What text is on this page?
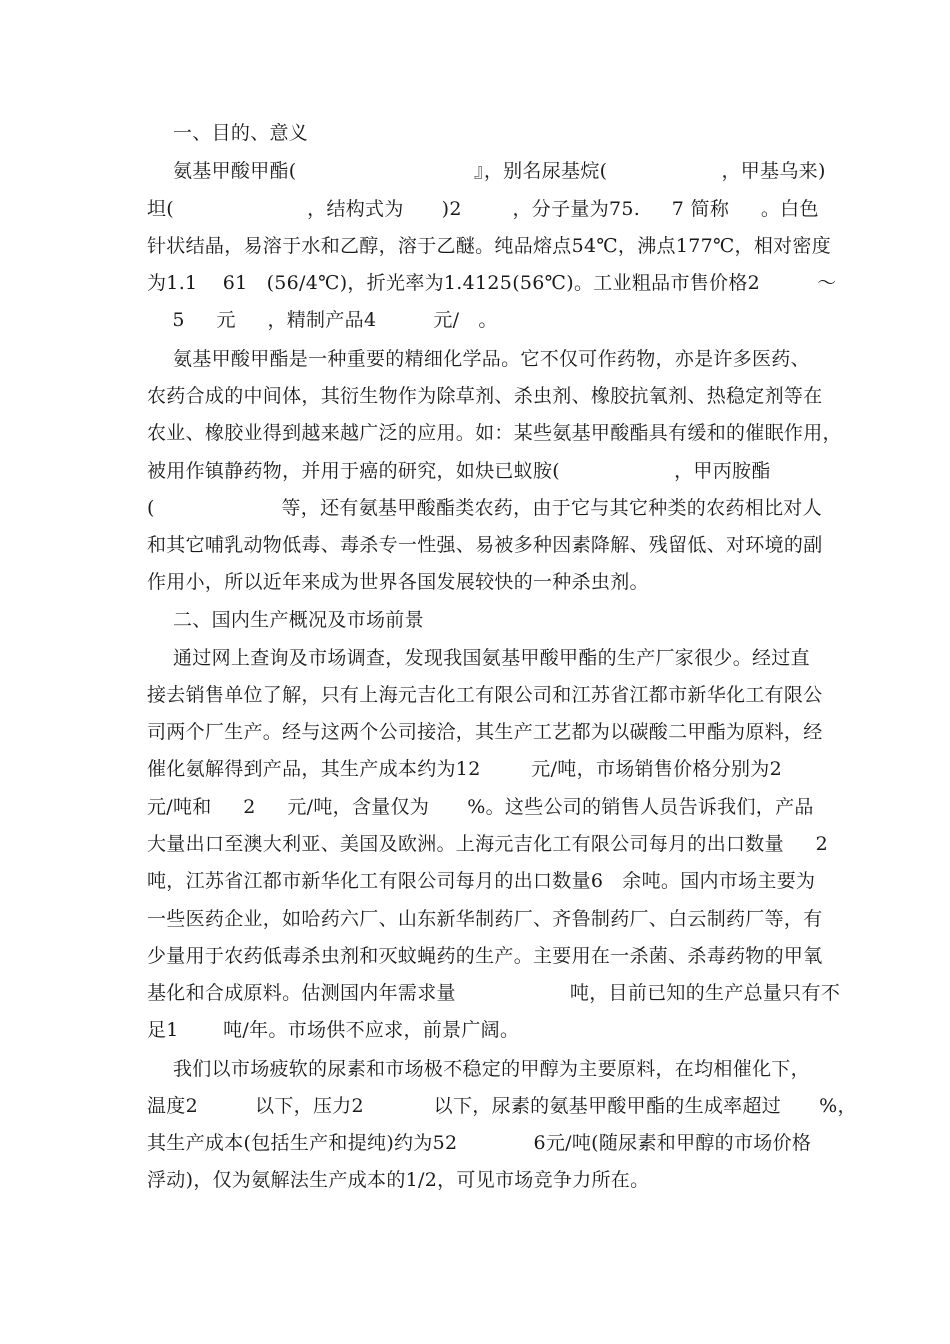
一、目的、意义
氨基甲酸甲酯(                            』，别名尿基烷(                  ，甲基乌来)
坦(                     ，结构式为      )2        ，分子量为75.     7 简称     。白色
针状结晶，易溶于水和乙醇，溶于乙醚。纯品熔点54℃，沸点177℃，相对密度
为1.1    61   (56/4℃)，折光率为1.4125(56℃)。工业粗品市售价格2         ～
5     元     ，精制产品4         元/   。
氨基甲酸甲酯是一种重要的精细化学品。它不仅可作药物，亦是许多医药、
农药合成的中间体，其衍生物作为除草剂、杀虫剂、橡胶抗氧剂、热稳定剂等在
农业、橡胶业得到越来越广泛的应用。如：某些氨基甲酸酯具有缓和的催眠作用，
被用作镇静药物，并用于癌的研究，如炔已蚁胺(                  ，甲丙胺酯
(                    等，还有氨基甲酸酯类农药，由于它与其它种类的农药相比对人
和其它哺乳动物低毒、毒杀专一性强、易被多种因素降解、残留低、对环境的副
作用小，所以近年来成为世界各国发展较快的一种杀虫剂。
二、国内生产概况及市场前景
通过网上查询及市场调查，发现我国氨基甲酸甲酯的生产厂家很少。经过直
接去销售单位了解，只有上海元吉化工有限公司和江苏省江都市新华化工有限公
司两个厂生产。经与这两个公司接洽，其生产工艺都为以碳酸二甲酯为原料，经
催化氨解得到产品，其生产成本约为12        元/吨，市场销售价格分别为2
元/吨和     2     元/吨，含量仅为      %。这些公司的销售人员告诉我们，产品
大量出口至澳大利亚、美国及欧洲。上海元吉化工有限公司每月的出口数量     2
吨，江苏省江都市新华化工有限公司每月的出口数量6   余吨。国内市场主要为
一些医药企业，如哈药六厂、山东新华制药厂、齐鲁制药厂、白云制药厂等，有
少量用于农药低毒杀虫剂和灭蚊蝇药的生产。主要用在一杀菌、杀毒药物的甲氧
基化和合成原料。估测国内年需求量                  吨，目前已知的生产总量只有不
足1       吨/年。市场供不应求，前景广阔。
我们以市场疲软的尿素和市场极不稳定的甲醇为主要原料，在均相催化下，
温度2         以下，压力2           以下，尿素的氨基甲酸甲酯的生成率超过      %，
其生产成本(包括生产和提纯)约为52            6元/吨(随尿素和甲醇的市场价格
浮动)，仅为氨解法生产成本的1/2，可见市场竞争力所在。
